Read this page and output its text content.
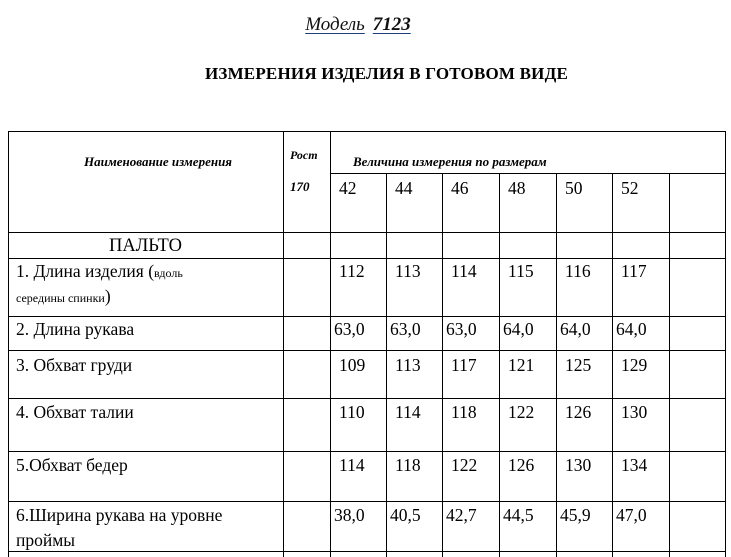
Модель 7123
ИЗМЕРЕНИЯ ИЗДЕЛИЯ В ГОТОВОМ ВИДЕ
Наименование измерения	Рост
170
Величина измерения по размерам
42 44 46 48 50 52
ПАЛЬТО
1. Длина изделия (вдоль
середины спинки)
112 113 114 115 116 117
2. Длина рукава	63,0 63,0 63,0 64,0 64,0 64,0
3. Обхват груди	109 113 117 121 125 129
4. Обхват талии	110 114 118 122 126 130
5.Обхват бедер	114 118 122 126 130 134
6.Ширина рукава на уровне
проймы
38,0 40,5 42,7 44,5 45,9 47,0
